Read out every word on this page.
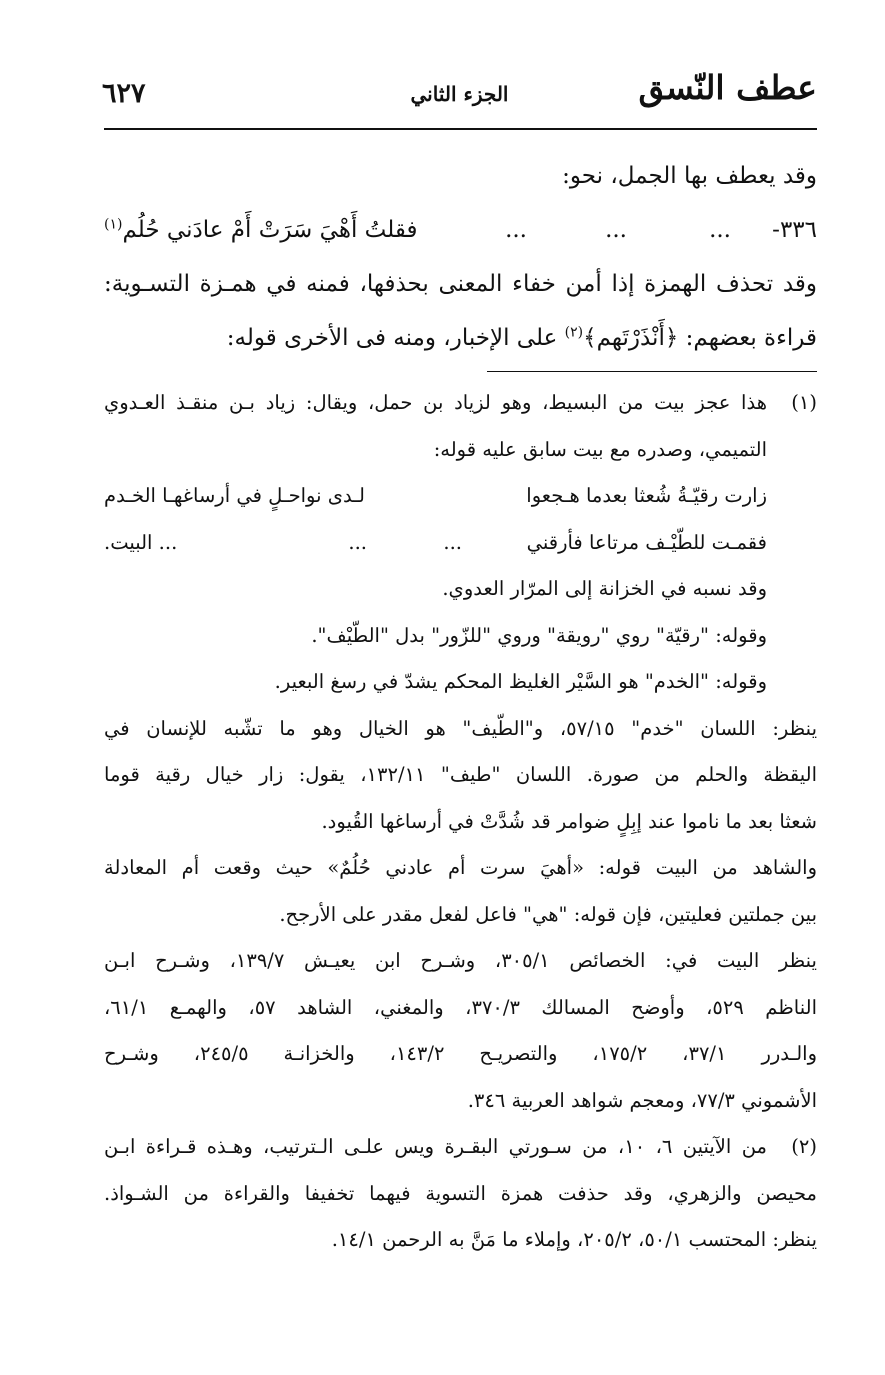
عطف النّسق
الجزء الثاني
٦٢٧
وقد يعطف بها الجمل، نحو:
٣٣٦-
...
...
...
فقلتُ أَهْيَ سَرَتْ أَمْ عادَني حُلُم$^{(١)}$
وقد تحذف الهمزة إذا أمن خفاء المعنى بحذفها، فمنه في همـزة التسـوية:
قراءة بعضهم: ﴿أَنْذَرْتَهم﴾$^{(٢)}$ على الإخبار، ومنه فى الأخرى قوله:
(١)
هذا عجز بيت من البسيط، وهو لزياد بن حمل، ويقال: زياد بـن منقـذ العـدوي
التميمي، وصدره مع بيت سابق عليه قوله:
زارت رقيّـةُ شُعثا بعدما هـجعوا
لـدى نواحـلٍ في أرساغهـا الخـدم
فقمـت للطّيْـف مرتاعا فأرقني
...
...
... البيت.
وقد نسبه في الخزانة إلى المرّار العدوي.
وقوله: "رقيّة" روي "رويقة" وروي "للزّور" بدل "الطّيْف".
وقوله: "الخدم" هو السَّيْر الغليظ المحكم يشدّ في رسغ البعير.
ينظر: اللسان "خدم" ٥٧/١٥، و"الطّيف" هو الخيال وهو ما تشّبه للإنسان في
اليقظة والحلم من صورة. اللسان "طيف" ١٣٢/١١، يقول: زار خيال رقية قوما
شعثا بعد ما ناموا عند إبِلٍ ضوامر قد شُدَّتْ في أرساغها القُيود.
والشاهد من البيت قوله: «أهيَ سرت أم عادني حُلُمٌ» حيث وقعت أم المعادلة
بين جملتين فعليتين، فإن قوله: "هي" فاعل لفعل مقدر على الأرجح.
ينظر البيت في: الخصائص ٣٠٥/١، وشـرح ابن يعيـش ١٣٩/٧، وشـرح ابـن
الناظم ٥٢٩، وأوضح المسالك ٣٧٠/٣، والمغني، الشاهد ٥٧، والهمـع ٦١/١،
والـدرر ٣٧/١، ١٧٥/٢، والتصريـح ١٤٣/٢، والخزانـة ٢٤٥/٥، وشـرح
الأشموني ٧٧/٣، ومعجم شواهد العربية ٣٤٦.
(٢)
من الآيتين ٦، ١٠، من سـورتي البقـرة ويس علـى الـترتيب، وهـذه قـراءة ابـن
محيصن والزهري، وقد حذفت همزة التسوية فيهما تخفيفا والقراءة من الشـواذ.
ينظر: المحتسب ٥٠/١، ٢٠٥/٢، وإملاء ما مَنَّ به الرحمن ١٤/١.
